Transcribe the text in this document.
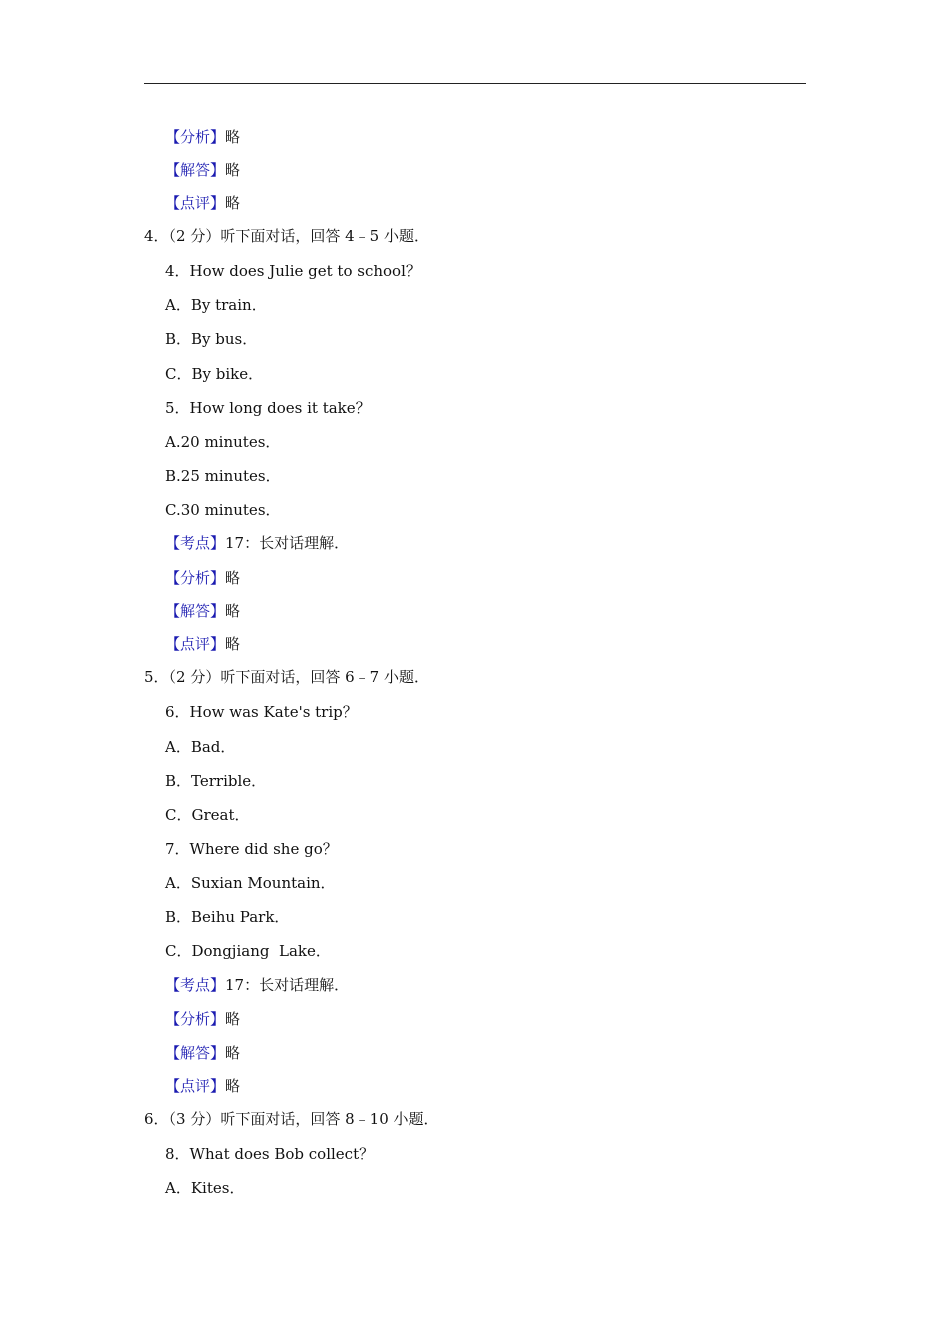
【分析】略
【解答】略
【点评】略
4．（2 分）听下面对话，回答 4﹣5 小题．
4．How does Julie get to school？
A．By train．
B．By bus．
C．By bike．
5．How long does it take？
A.20 minutes．
B.25 minutes．
C.30 minutes．
【考点】17：长对话理解．
【分析】略
【解答】略
【点评】略
5．（2 分）听下面对话，回答 6﹣7 小题．
6．How was Kate's trip？
A．Bad．
B．Terrible．
C．Great．
7．Where did she go？
A．Suxian Mountain．
B．Beihu Park．
C．Dongjiang  Lake．
【考点】17：长对话理解．
【分析】略
【解答】略
【点评】略
6．（3 分）听下面对话，回答 8﹣10 小题．
8．What does Bob collect？
A．Kites．
